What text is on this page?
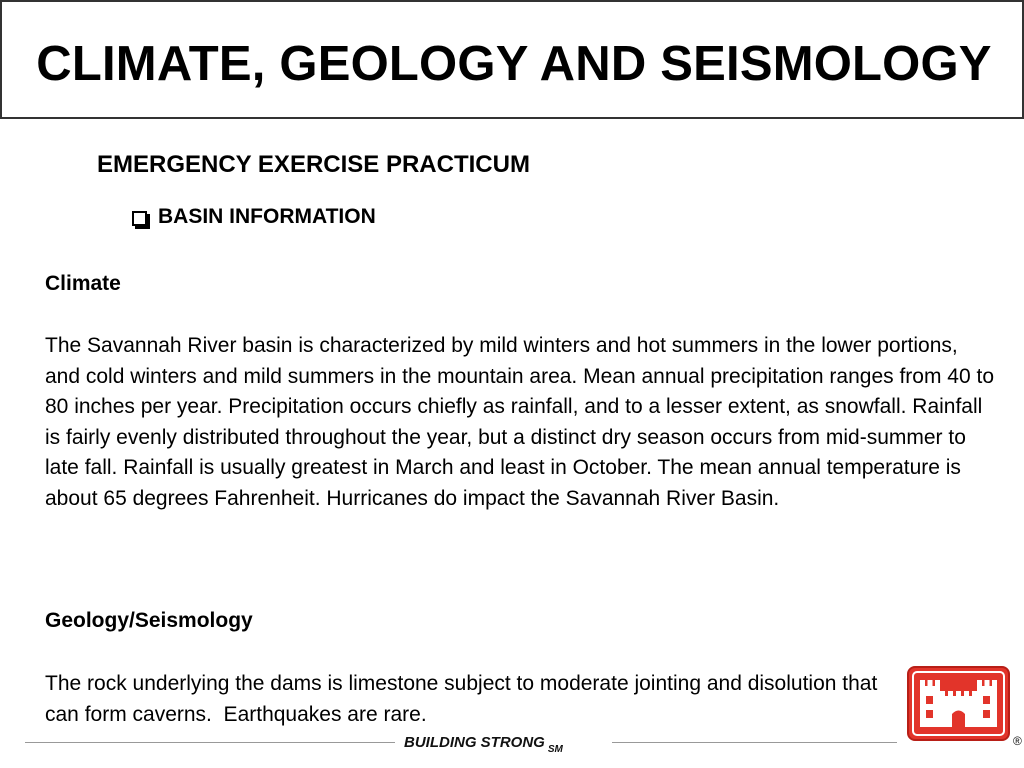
CLIMATE, GEOLOGY AND SEISMOLOGY
EMERGENCY EXERCISE PRACTICUM
BASIN INFORMATION
Climate
The Savannah River basin is characterized by mild winters and hot summers in the lower portions, and cold winters and mild summers in the mountain area. Mean annual precipitation ranges from 40 to 80 inches per year. Precipitation occurs chiefly as rainfall, and to a lesser extent, as snowfall. Rainfall is fairly evenly distributed throughout the year, but a distinct dry season occurs from mid-summer to late fall. Rainfall is usually greatest in March and least in October. The mean annual temperature is about 65 degrees Fahrenheit. Hurricanes do impact the Savannah River Basin.
Geology/Seismology
The rock underlying the dams is limestone subject to moderate jointing and disolution that can form caverns.  Earthquakes are rare.
BUILDING STRONG $_{SM}$
®
